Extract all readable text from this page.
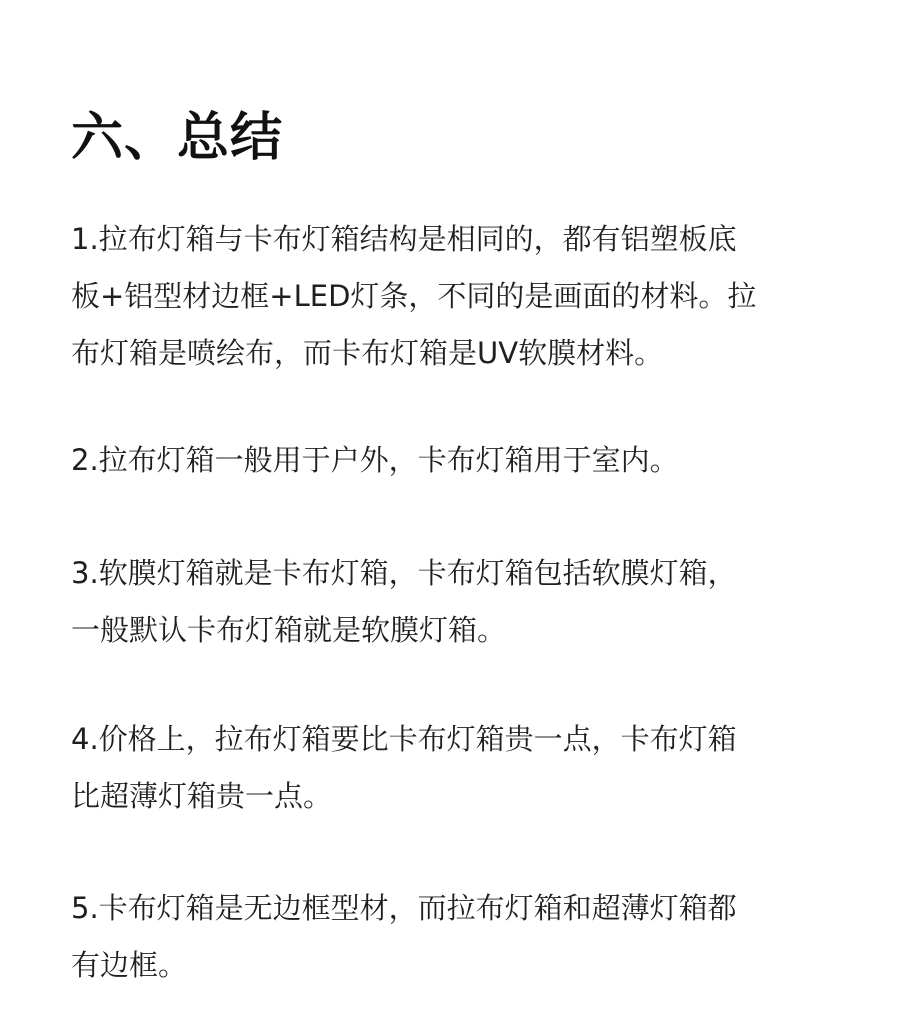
六、总结

1.拉布灯箱与卡布灯箱结构是相同的，都有铝塑板底
板+铝型材边框+LED灯条，不同的是画面的材料。拉
布灯箱是喷绘布，而卡布灯箱是UV软膜材料。

2.拉布灯箱一般用于户外，卡布灯箱用于室内。

3.软膜灯箱就是卡布灯箱，卡布灯箱包括软膜灯箱，
一般默认卡布灯箱就是软膜灯箱。

4.价格上，拉布灯箱要比卡布灯箱贵一点，卡布灯箱
比超薄灯箱贵一点。

5.卡布灯箱是无边框型材，而拉布灯箱和超薄灯箱都
有边框。
